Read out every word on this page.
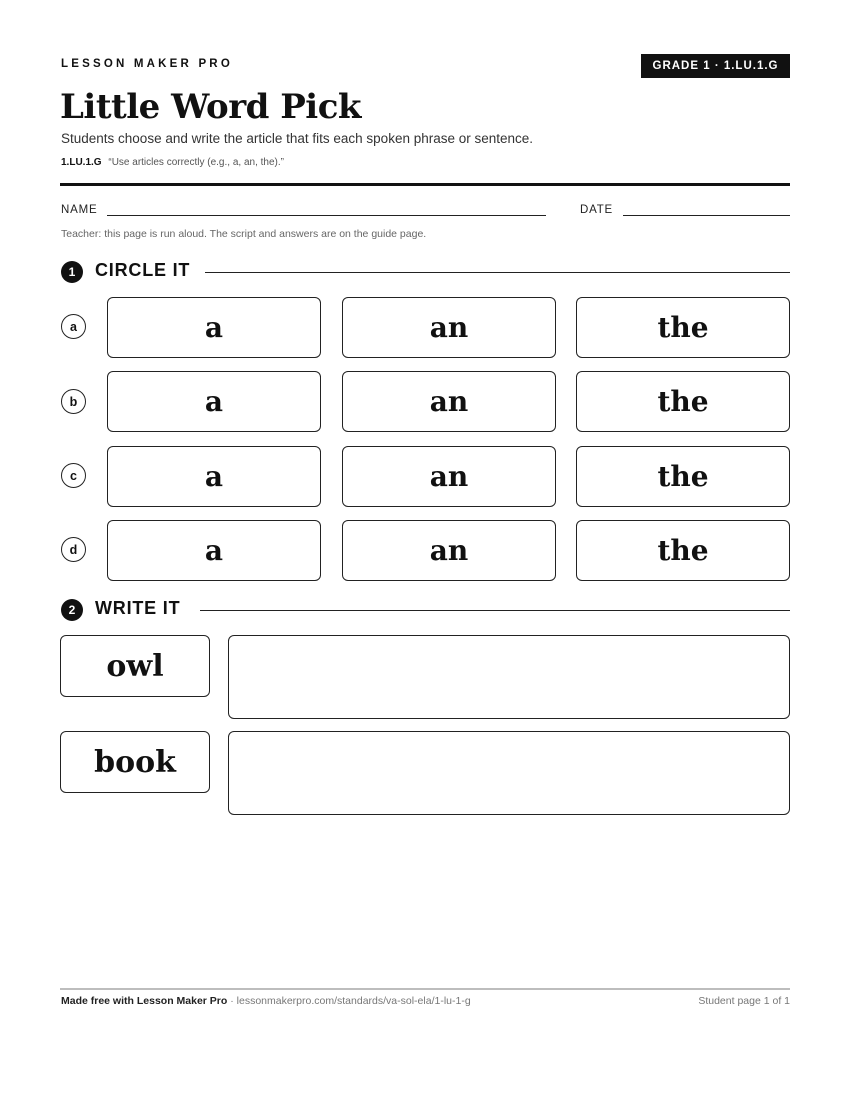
LESSON MAKER PRO	GRADE 1 · 1.LU.1.G
Little Word Pick
Students choose and write the article that fits each spoken phrase or sentence.
1.LU.1.G “Use articles correctly (e.g., a, an, the).”
NAME	DATE
Teacher: this page is run aloud. The script and answers are on the guide page.
1	CIRCLE IT
a	a	an	the
b	a	an	the
c	a	an	the
d	a	an	the
2	WRITE IT
owl
book
Made free with Lesson Maker Pro · lessonmakerpro.com/standards/va-sol-ela/1-lu-1-g	Student page 1 of 1
